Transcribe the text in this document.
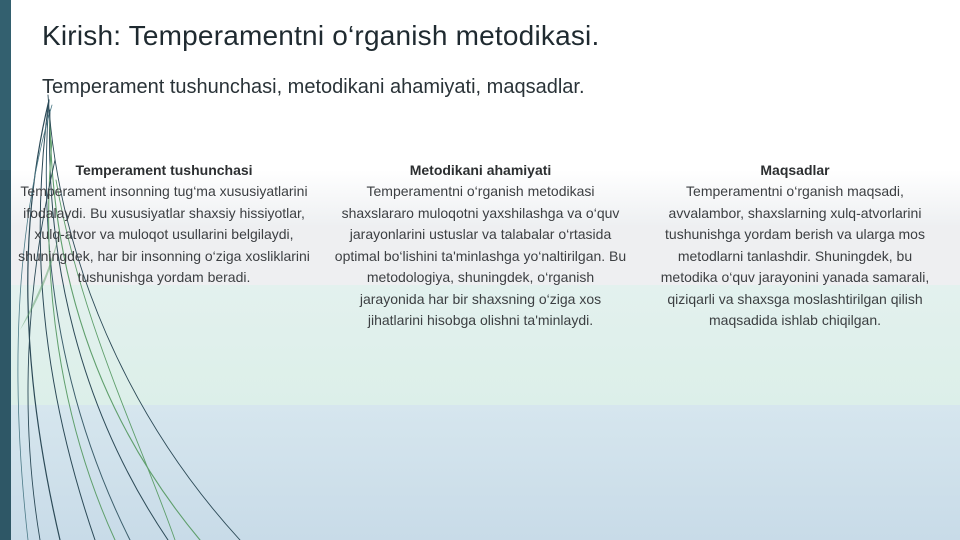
Kirish: Temperamentni o‘rganish metodikasi.
Temperament tushunchasi, metodikani ahamiyati, maqsadlar.
Temperament tushunchasi

Temperament insonning tug‘ma xususiyatlarini ifodalaydi. Bu xususiyatlar shaxsiy hissiyotlar, xulq-atvor va muloqot usullarini belgilaydi, shuningdek, har bir insonning o‘ziga xosliklarini tushunishga yordam beradi.

Metodikani ahamiyati

Temperamentni o‘rganish metodikasi shaxslararo muloqotni yaxshilashga va o‘quv jarayonlarini ustuslar va talabalar o‘rtasida optimal bo‘lishini ta'minlashga yo‘naltirilgan. Bu metodologiya, shuningdek, o‘rganish jarayonida har bir shaxsning o‘ziga xos jihatlarini hisobga olishni ta'minlaydi.

Maqsadlar

Temperamentni o‘rganish maqsadi, avvalambor, shaxslarning xulq-atvorlarini tushunishga yordam berish va ularga mos metodlarni tanlashdir. Shuningdek, bu metodika o‘quv jarayonini yanada samarali, qiziqarli va shaxsga moslashtirilgan qilish maqsadida ishlab chiqilgan.
